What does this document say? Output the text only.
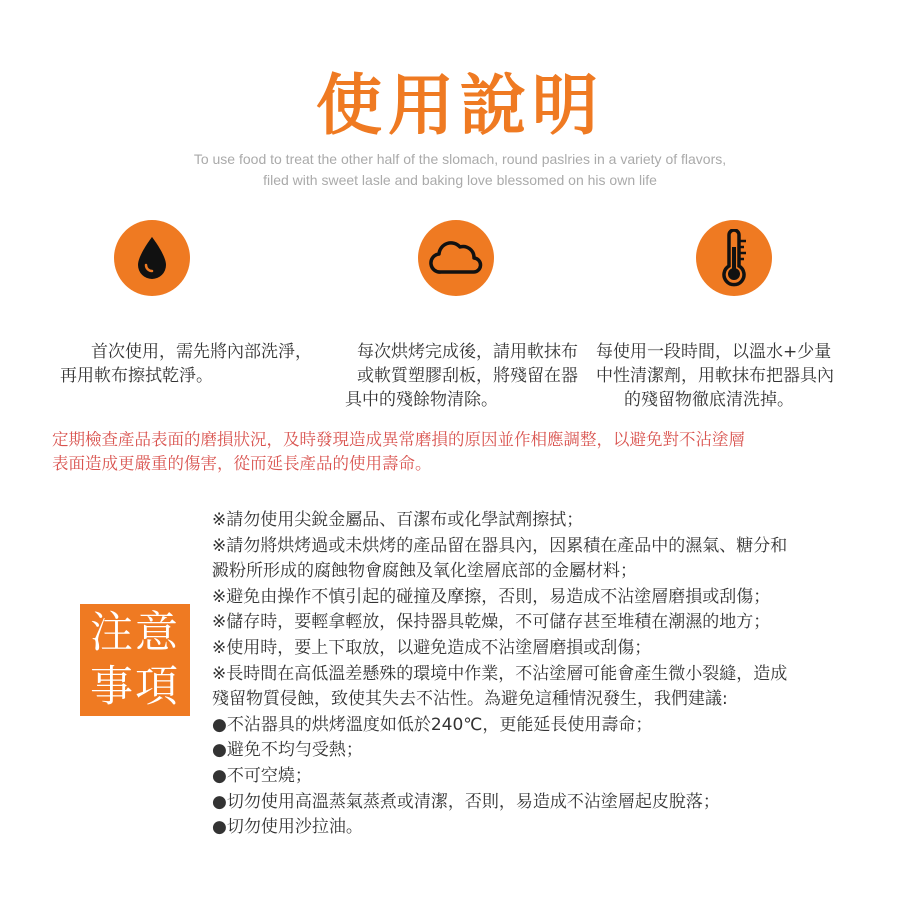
使用說明
To use food to treat the other half of the slomach, round paslries in a variety of flavors,
filed with sweet lasle and baking love blessomed on his own life
首次使用，需先將內部洗淨，
再用軟布擦拭乾淨。
每次烘烤完成後，請用軟抹布
或軟質塑膠刮板，將殘留在器
具中的殘餘物清除。
每使用一段時間，以溫水+少量
中性清潔劑，用軟抹布把器具內
的殘留物徹底清洗掉。
定期檢查產品表面的磨損狀況，及時發現造成異常磨損的原因並作相應調整，以避免對不沾塗層
表面造成更嚴重的傷害，從而延長產品的使用壽命。
注意
事項
※請勿使用尖銳金屬品、百潔布或化學試劑擦拭；
※請勿將烘烤過或未烘烤的產品留在器具內，因累積在產品中的濕氣、糖分和
澱粉所形成的腐蝕物會腐蝕及氧化塗層底部的金屬材料；
※避免由操作不慎引起的碰撞及摩擦，否則，易造成不沾塗層磨損或刮傷；
※儲存時，要輕拿輕放，保持器具乾燥，不可儲存甚至堆積在潮濕的地方；
※使用時，要上下取放，以避免造成不沾塗層磨損或刮傷；
※長時間在高低溫差懸殊的環境中作業，不沾塗層可能會產生微小裂縫，造成
殘留物質侵蝕，致使其失去不沾性。為避免這種情況發生，我們建議:
●不沾器具的烘烤溫度如低於240℃，更能延長使用壽命；
●避免不均勻受熱；
●不可空燒；
●切勿使用高溫蒸氣蒸煮或清潔，否則，易造成不沾塗層起皮脫落；
●切勿使用沙拉油。
